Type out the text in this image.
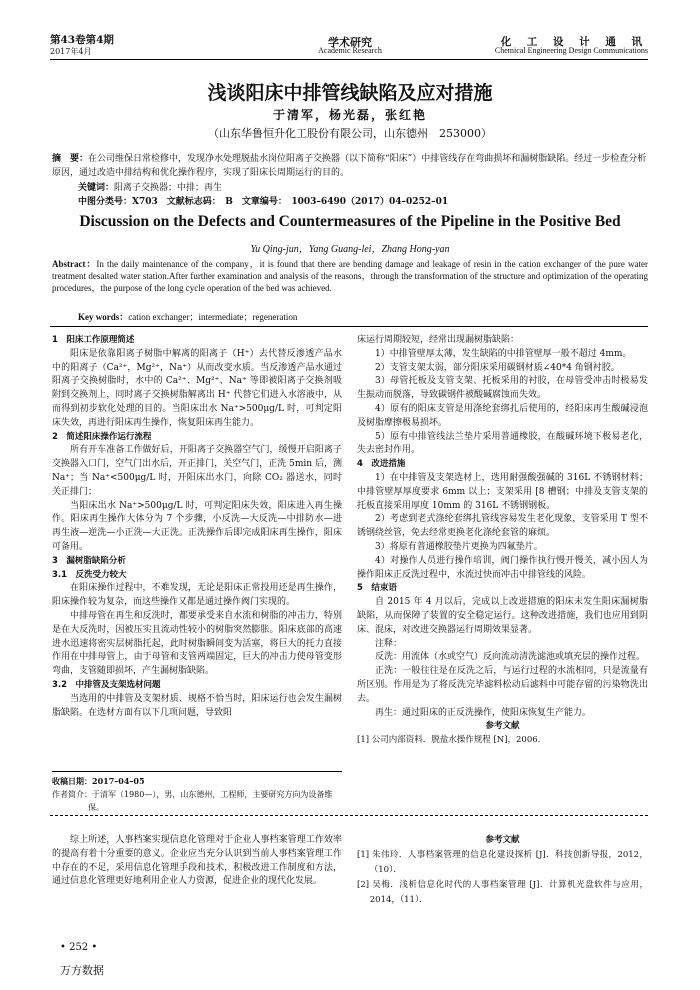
第43卷第4期
2017年4月
学术研究
Academic Research
化 工 设 计 通 讯
Chemical Engineering Design Communications
浅谈阳床中排管线缺陷及应对措施
于清军，杨光磊，张红艳
（山东华鲁恒升化工股份有限公司，山东德州　253000）
摘　要：在公司维保日常检修中，发现净水处理脱盐水岗位阳离子交换器（以下简称“阳床”）中排管线存在弯曲损坏和漏树脂缺陷。经过一步检查分析原因，通过改造中排结构和优化操作程序，实现了阳床长周期运行的目的。
关键词：阳离子交换器；中排；再生
中图分类号：X703　文献标志码：　B　文章编号：　1003–6490（2017）04–0252–01
Discussion on the Defects and Countermeasures of the Pipeline in the Positive Bed
Yu Qing-jun，Yang Guang-lei，Zhang Hong-yan
Abstract：In the daily maintenance of the company，it is found that there are bending damage and leakage of resin in the cation exchanger of the pure water treatment desalted water station.After further examination and analysis of the reasons，through the transformation of the structure and optimization of the operating procedures，the purpose of the long cycle operation of the bed was achieved.
Key words：cation exchanger；intermediate；regeneration

1　阳床工作原理简述

阳床是依靠阳离子树脂中解离的阳离子（H⁺）去代替反渗透产品水中的阳离子（Ca²⁺，Mg²⁺，Na⁺）从而改变水质。当反渗透产品水通过阳离子交换树脂时，水中的 Ca²⁺、Mg²⁺、Na⁺ 等即被阳离子交换剂吸附到交换剂上，同时离子交换树脂解离出 H⁺ 代替它们进入水溶液中，从而得到初步软化处理的目的。当阳床出水 Na⁺>500μg/L 时，可判定阳床失效，再进行阳床再生操作，恢复阳床再生能力。

2　简述阳床操作运行流程

所有开车准备工作做好后，开阳离子交换器空气门，缓慢开启阳离子交换器入口门，空气门出水后，开正排门，关空气门，正洗 5min 后，测 Na⁺；当 Na⁺<500μg/L 时，开阳床出水门，向除 CO₂ 器送水，同时关正排门；

当阳床出水 Na⁺>500μg/L 时，可判定阳床失效，阳床进入再生操作。阳床再生操作大体分为 7 个步骤，小反洗—大反洗—中排防水—进再生液—逆洗—小正洗—大正洗。正洗操作后即完成阳床再生操作，阳床可备用。

3　漏树脂缺陷分析

3.1　反洗受力较大

在阳床操作过程中，不难发现，无论是阳床正常投用还是再生操作，阳床操作较为复杂，而这些操作又都是通过操作阀门实现的。

中排母管在再生和反洗时，都要承受来自水流和树脂的冲击力，特别是在大反洗时，因被压实且流动性较小的树脂突然膨胀。阳床底部的高速进水迅速将密实层树脂托起，此时树脂瞬间变为活塞，将巨大的托力直接作用在中排母管上，由于母管和支管两端固定，巨大的冲击力使母管变形弯曲，支管随即损坏，产生漏树脂缺陷。

3.2　中排管及支架选材问题

当选用的中排管及支架材质、规格不恰当时，阳床运行也会发生漏树脂缺陷。在选材方面有以下几项问题，导致阳

收稿日期：2017–04–05
作者简介：于清军（1980—），男，山东德州，工程师，主要研究方向为设备维保。

床运行周期较短，经常出现漏树脂缺陷：

1）中排管壁厚太薄，发生缺陷的中排管壁厚一般不超过 4mm。

2）支管支架太弱，部分阳床采用碳钢材质∠40*4 角钢衬胶。

3）母管托板及支管支架、托板采用的衬胶，在母管受冲击时极易发生振动而脱落，导致碳钢件被酸碱腐蚀而失效。

4）原有的阳床支管是用涤纶套绑扎后使用的，经阳床再生酸碱浸泡及树脂摩擦极易损坏。

5）原有中排管线法兰垫片采用普通橡胶，在酸碱环境下极易老化，失去密封作用。

4　改进措施

1）在中排管及支架选材上，选用耐强酸强碱的 316L 不锈钢材料；中排管壁厚厚度要求 6mm 以上；支架采用 [8 槽钢；中排及支管支架的托板直接采用厚度 10mm 的 316L 不锈钢钢板。

2）考虑到老式涤纶套绑扎管线容易发生老化现象，支管采用 T 型不锈钢绕丝管，免去经常更换老化涤纶套管的麻烦。

3）将原有普通橡胶垫片更换为四氟垫片。

4）对操作人员进行操作培训，阀门操作执行慢开慢关，减小因人为操作阳床正反洗过程中，水流过快而冲击中排管线的风险。

5　结束语

自 2015 年 4 月以后，完成以上改进措施的阳床未发生阳床漏树脂缺陷，从而保障了装置的安全稳定运行。这种改进措施，我们也应用到阴床、混床，对改进交换器运行周期效果显著。

注释：

反洗：用流体（水或空气）反向流动清洗滤池或填充层的操作过程。

正洗：一般往往是在反洗之后，与运行过程的水流相同，只是流量有所区别。作用是为了将反洗完毕滤料松动后滤料中可能存留的污染物洗出去。

再生：通过阳床的正反洗操作，使阳床恢复生产能力。

参考文献

[1] 公司内部资料．脱盐水操作规程 [N]，2006.

综上所述，人事档案实现信息化管理对于企业人事档案管理工作效率的提高有着十分重要的意义。企业应当充分认识到当前人事档案管理工作中存在的不足，采用信息化管理手段和技术，积极改进工作制度和方法，通过信息化管理更好地利用企业人力资源，促进企业的现代化发展。

参考文献

[1] 朱伟玲．人事档案管理的信息化建设探析 [J]．科技创新导报，2012，（10）．
[2] 吴梅．浅析信息化时代的人事档案管理 [J]．计算机光盘软件与应用，2014，（11）．
• 252 •
万方数据
